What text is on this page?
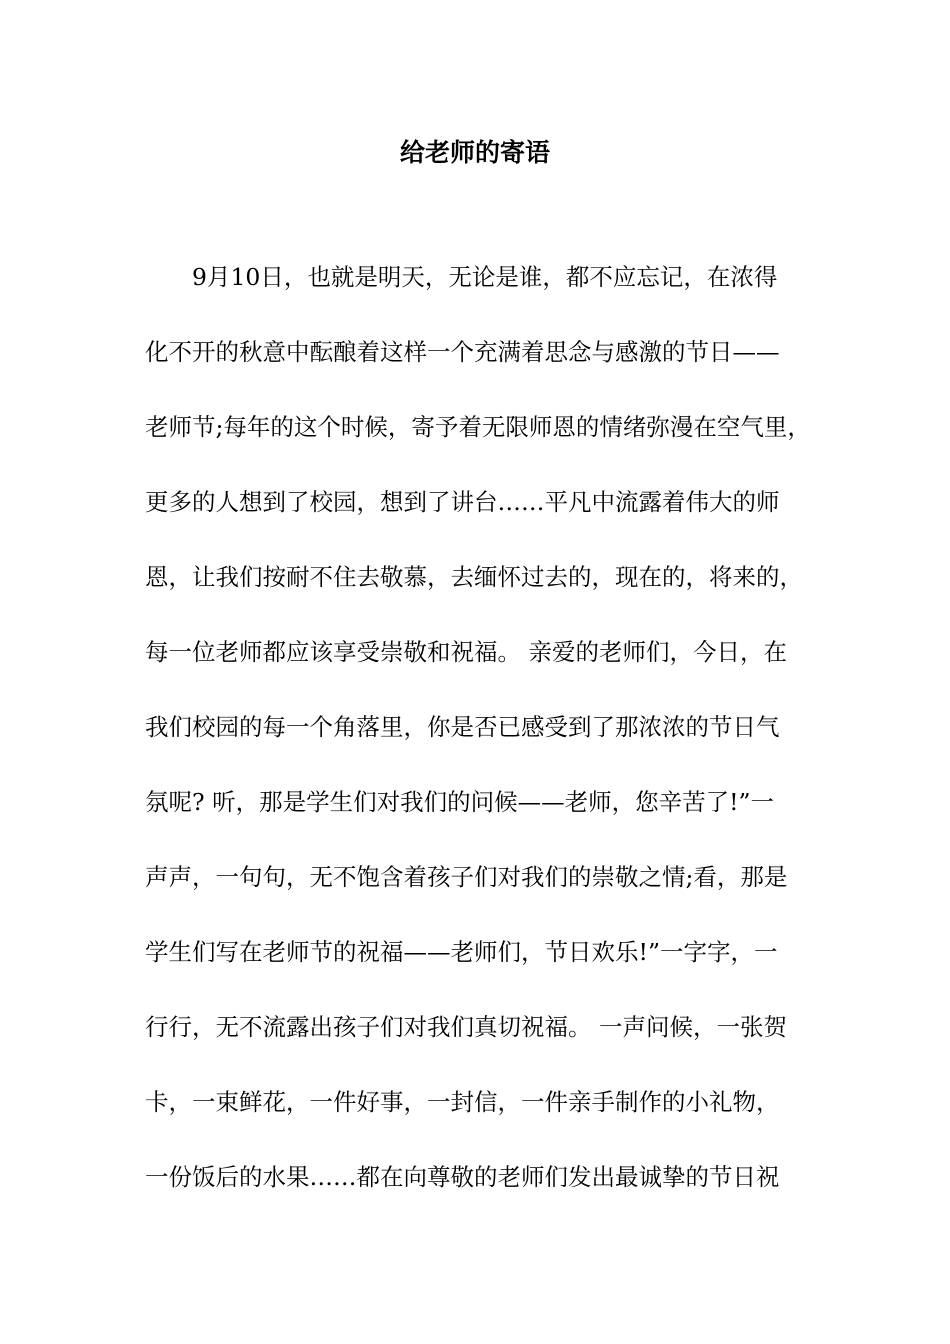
给老师的寄语
9月10日，也就是明天，无论是谁，都不应忘记，在浓得
化不开的秋意中酝酿着这样一个充满着思念与感激的节日——
老师节;每年的这个时候，寄予着无限师恩的情绪弥漫在空气里，
更多的人想到了校园，想到了讲台……平凡中流露着伟大的师
恩，让我们按耐不住去敬慕，去缅怀过去的，现在的，将来的，
每一位老师都应该享受崇敬和祝福。 亲爱的老师们，今日，在
我们校园的每一个角落里，你是否已感受到了那浓浓的节日气
氛呢? 听，那是学生们对我们的问候——老师，您辛苦了!”一
声声，一句句，无不饱含着孩子们对我们的崇敬之情;看，那是
学生们写在老师节的祝福——老师们，节日欢乐!”一字字，一
行行，无不流露出孩子们对我们真切祝福。 一声问候，一张贺
卡，一束鲜花，一件好事，一封信，一件亲手制作的小礼物，
一份饭后的水果……都在向尊敬的老师们发出最诚挚的节日祝
